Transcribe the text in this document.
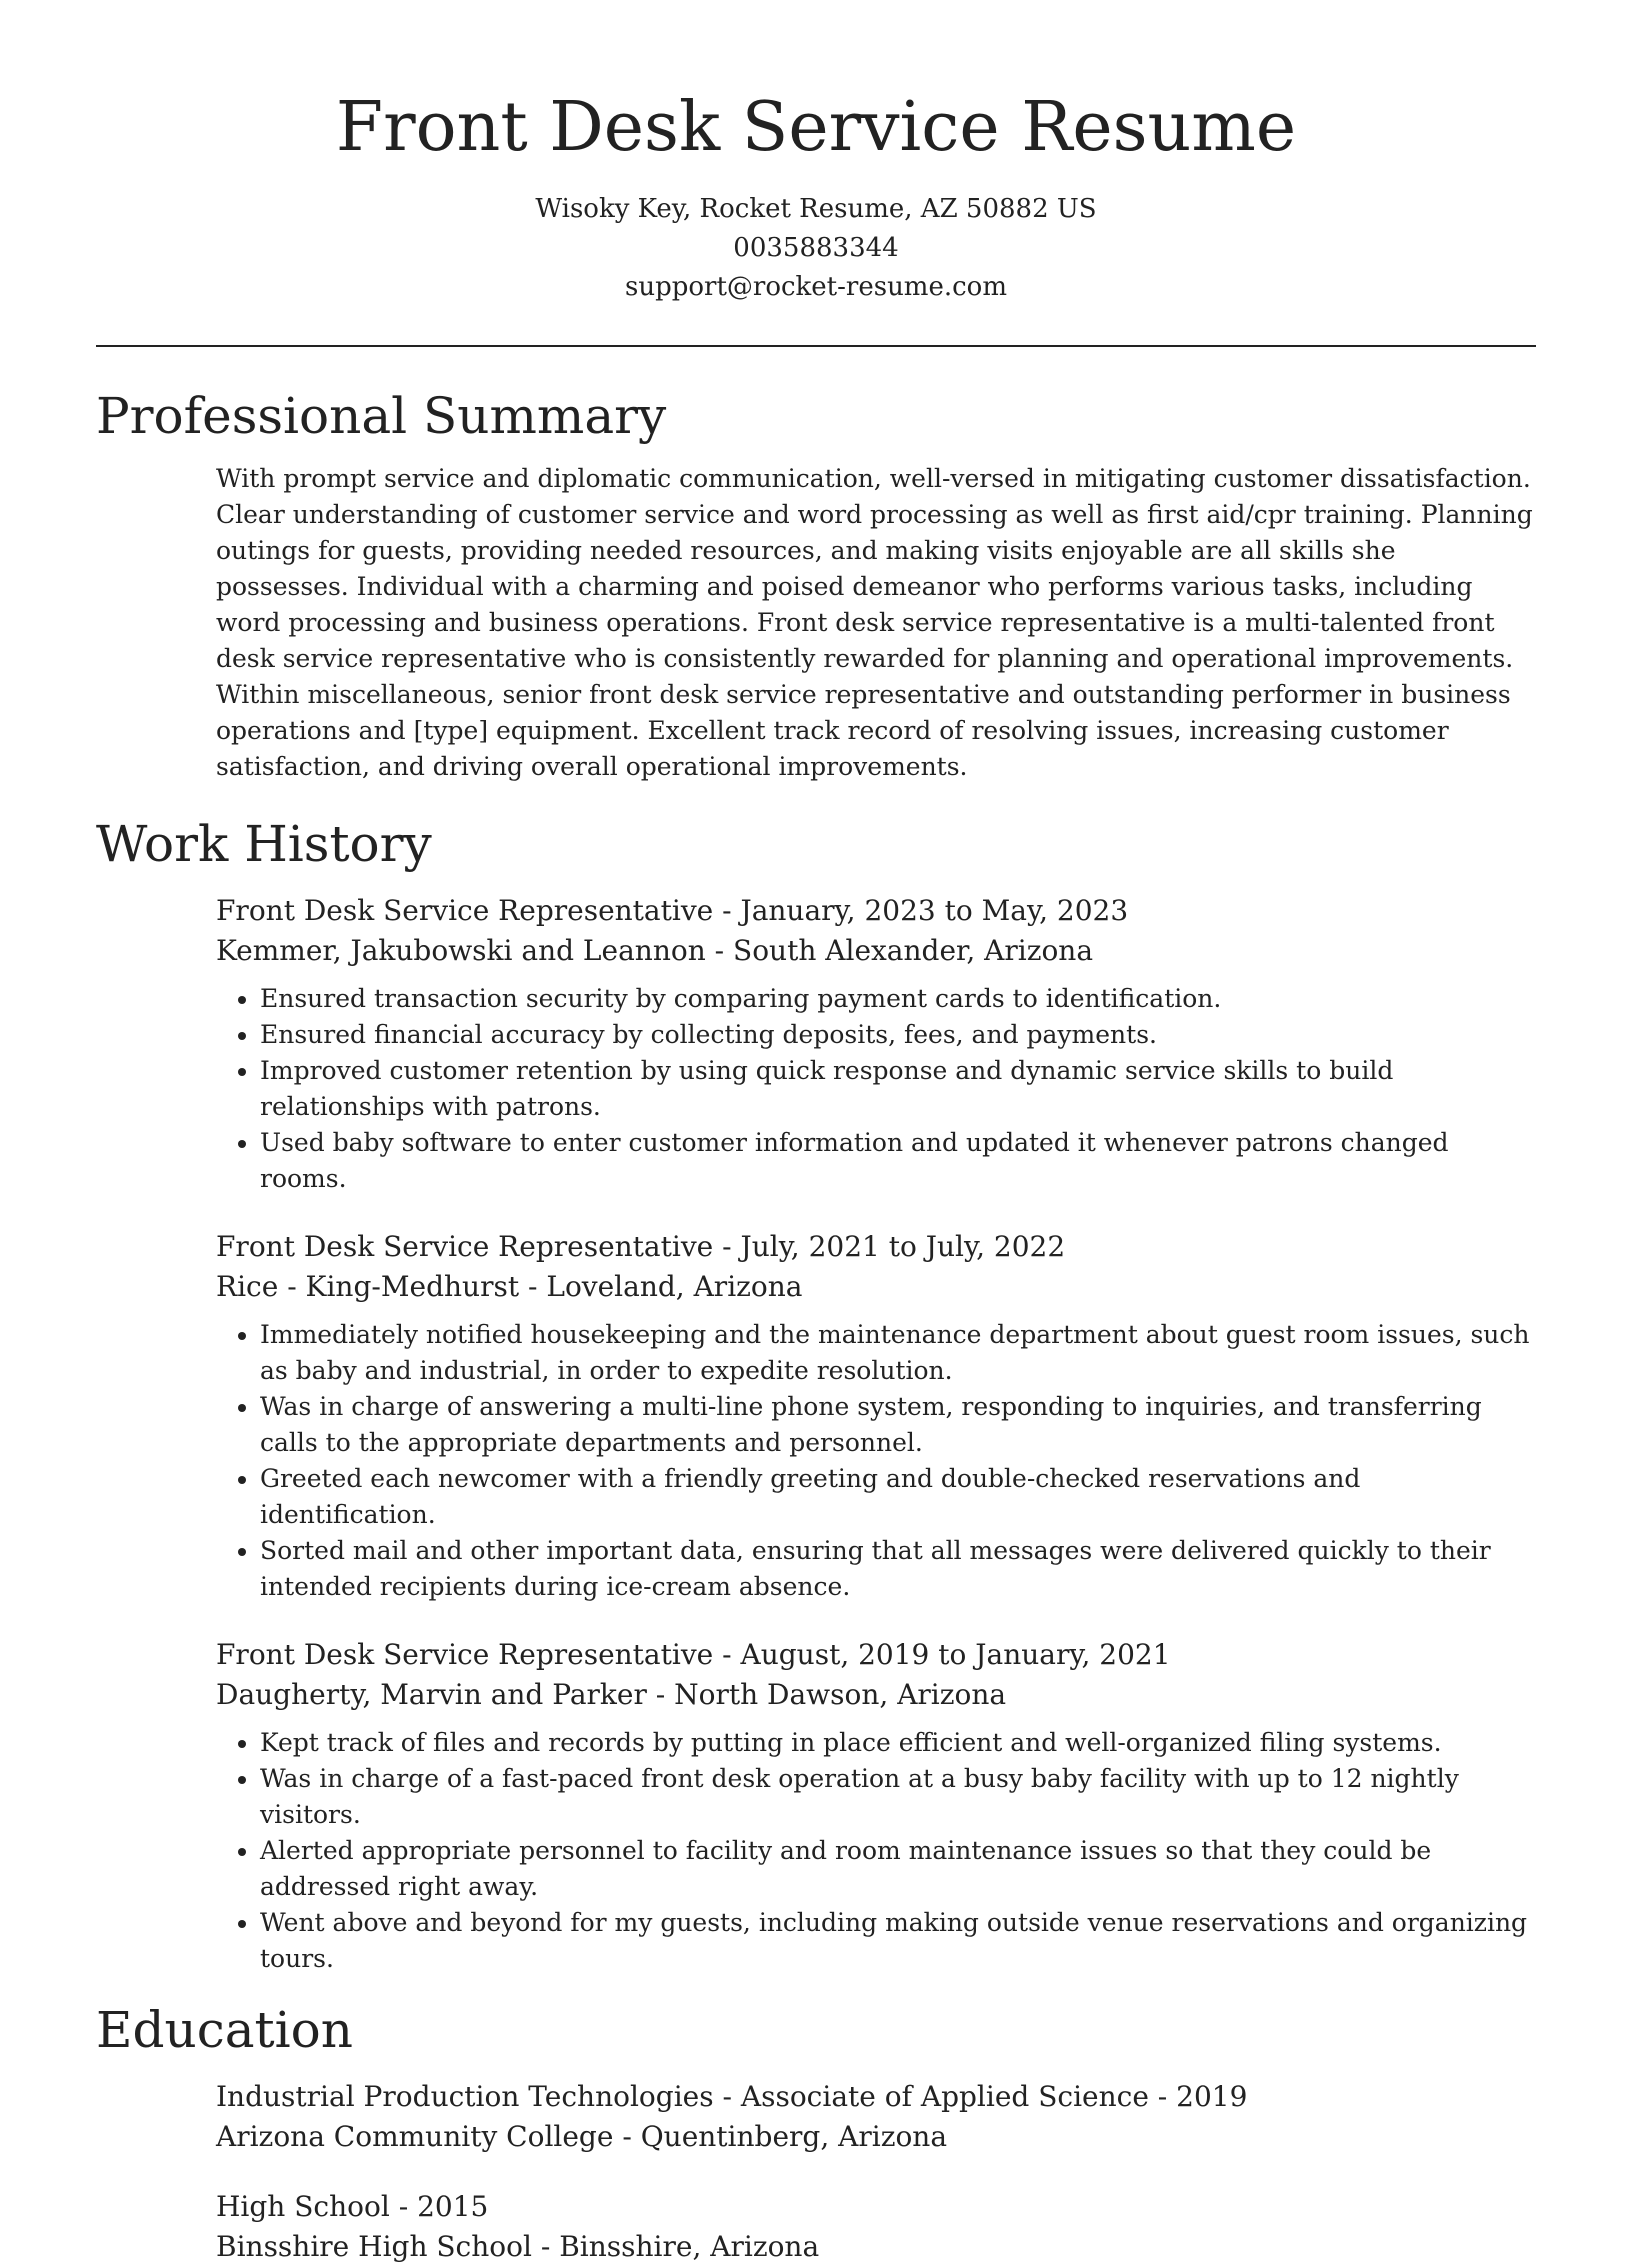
Front Desk Service Resume
Wisoky Key, Rocket Resume, AZ 50882 US
0035883344
support@rocket-resume.com
Professional Summary

With prompt service and diplomatic communication, well-versed in mitigating customer dissatisfaction. Clear understanding of customer service and word processing as well as first aid/cpr training. Planning outings for guests, providing needed resources, and making visits enjoyable are all skills she possesses. Individual with a charming and poised demeanor who performs various tasks, including word processing and business operations. Front desk service representative is a multi-talented front desk service representative who is consistently rewarded for planning and operational improvements. Within miscellaneous, senior front desk service representative and outstanding performer in business operations and [type] equipment. Excellent track record of resolving issues, increasing customer satisfaction, and driving overall operational improvements.

Work History
Front Desk Service Representative - January, 2023 to May, 2023
Kemmer, Jakubowski and Leannon - South Alexander, Arizona
• Ensured transaction security by comparing payment cards to identification.
• Ensured financial accuracy by collecting deposits, fees, and payments.
• Improved customer retention by using quick response and dynamic service skills to build relationships with patrons.
• Used baby software to enter customer information and updated it whenever patrons changed rooms.
Front Desk Service Representative - July, 2021 to July, 2022
Rice - King-Medhurst - Loveland, Arizona
• Immediately notified housekeeping and the maintenance department about guest room issues, such as baby and industrial, in order to expedite resolution.
• Was in charge of answering a multi-line phone system, responding to inquiries, and transferring calls to the appropriate departments and personnel.
• Greeted each newcomer with a friendly greeting and double-checked reservations and identification.
• Sorted mail and other important data, ensuring that all messages were delivered quickly to their intended recipients during ice-cream absence.
Front Desk Service Representative - August, 2019 to January, 2021
Daugherty, Marvin and Parker - North Dawson, Arizona
• Kept track of files and records by putting in place efficient and well-organized filing systems.
• Was in charge of a fast-paced front desk operation at a busy baby facility with up to 12 nightly visitors.
• Alerted appropriate personnel to facility and room maintenance issues so that they could be addressed right away.
• Went above and beyond for my guests, including making outside venue reservations and organizing tours.
Education
Industrial Production Technologies - Associate of Applied Science - 2019
Arizona Community College - Quentinberg, Arizona
High School - 2015
Binsshire High School - Binsshire, Arizona
